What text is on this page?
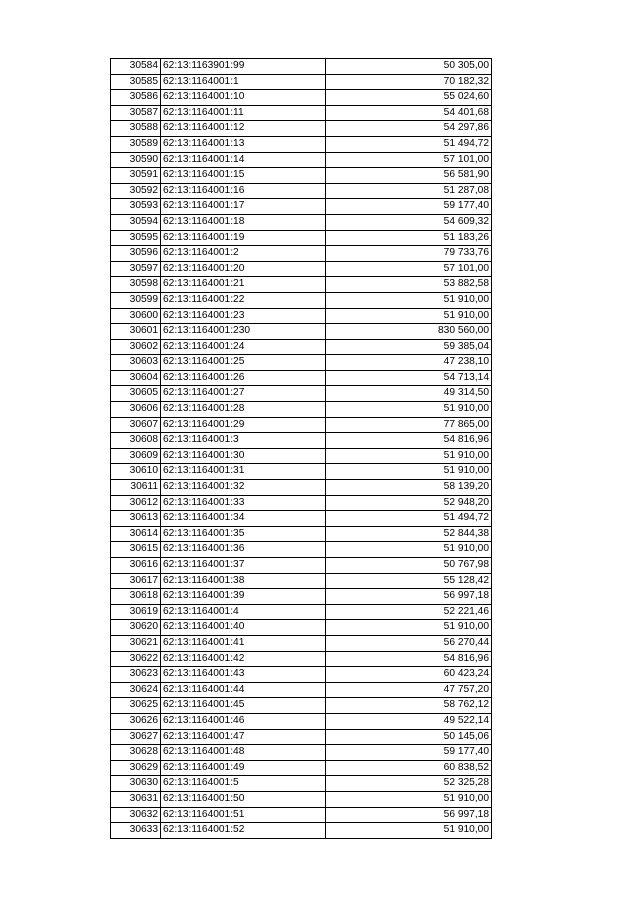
30584	62:13:1163901:99	50 305,00
30585	62:13:1164001:1	70 182,32
30586	62:13:1164001:10	55 024,60
30587	62:13:1164001:11	54 401,68
30588	62:13:1164001:12	54 297,86
30589	62:13:1164001:13	51 494,72
30590	62:13:1164001:14	57 101,00
30591	62:13:1164001:15	56 581,90
30592	62:13:1164001:16	51 287,08
30593	62:13:1164001:17	59 177,40
30594	62:13:1164001:18	54 609,32
30595	62:13:1164001:19	51 183,26
30596	62:13:1164001:2	79 733,76
30597	62:13:1164001:20	57 101,00
30598	62:13:1164001:21	53 882,58
30599	62:13:1164001:22	51 910,00
30600	62:13:1164001:23	51 910,00
30601	62:13:1164001:230	830 560,00
30602	62:13:1164001:24	59 385,04
30603	62:13:1164001:25	47 238,10
30604	62:13:1164001:26	54 713,14
30605	62:13:1164001:27	49 314,50
30606	62:13:1164001:28	51 910,00
30607	62:13:1164001:29	77 865,00
30608	62:13:1164001:3	54 816,96
30609	62:13:1164001:30	51 910,00
30610	62:13:1164001:31	51 910,00
30611	62:13:1164001:32	58 139,20
30612	62:13:1164001:33	52 948,20
30613	62:13:1164001:34	51 494,72
30614	62:13:1164001:35	52 844,38
30615	62:13:1164001:36	51 910,00
30616	62:13:1164001:37	50 767,98
30617	62:13:1164001:38	55 128,42
30618	62:13:1164001:39	56 997,18
30619	62:13:1164001:4	52 221,46
30620	62:13:1164001:40	51 910,00
30621	62:13:1164001:41	56 270,44
30622	62:13:1164001:42	54 816,96
30623	62:13:1164001:43	60 423,24
30624	62:13:1164001:44	47 757,20
30625	62:13:1164001:45	58 762,12
30626	62:13:1164001:46	49 522,14
30627	62:13:1164001:47	50 145,06
30628	62:13:1164001:48	59 177,40
30629	62:13:1164001:49	60 838,52
30630	62:13:1164001:5	52 325,28
30631	62:13:1164001:50	51 910,00
30632	62:13:1164001:51	56 997,18
30633	62:13:1164001:52	51 910,00
